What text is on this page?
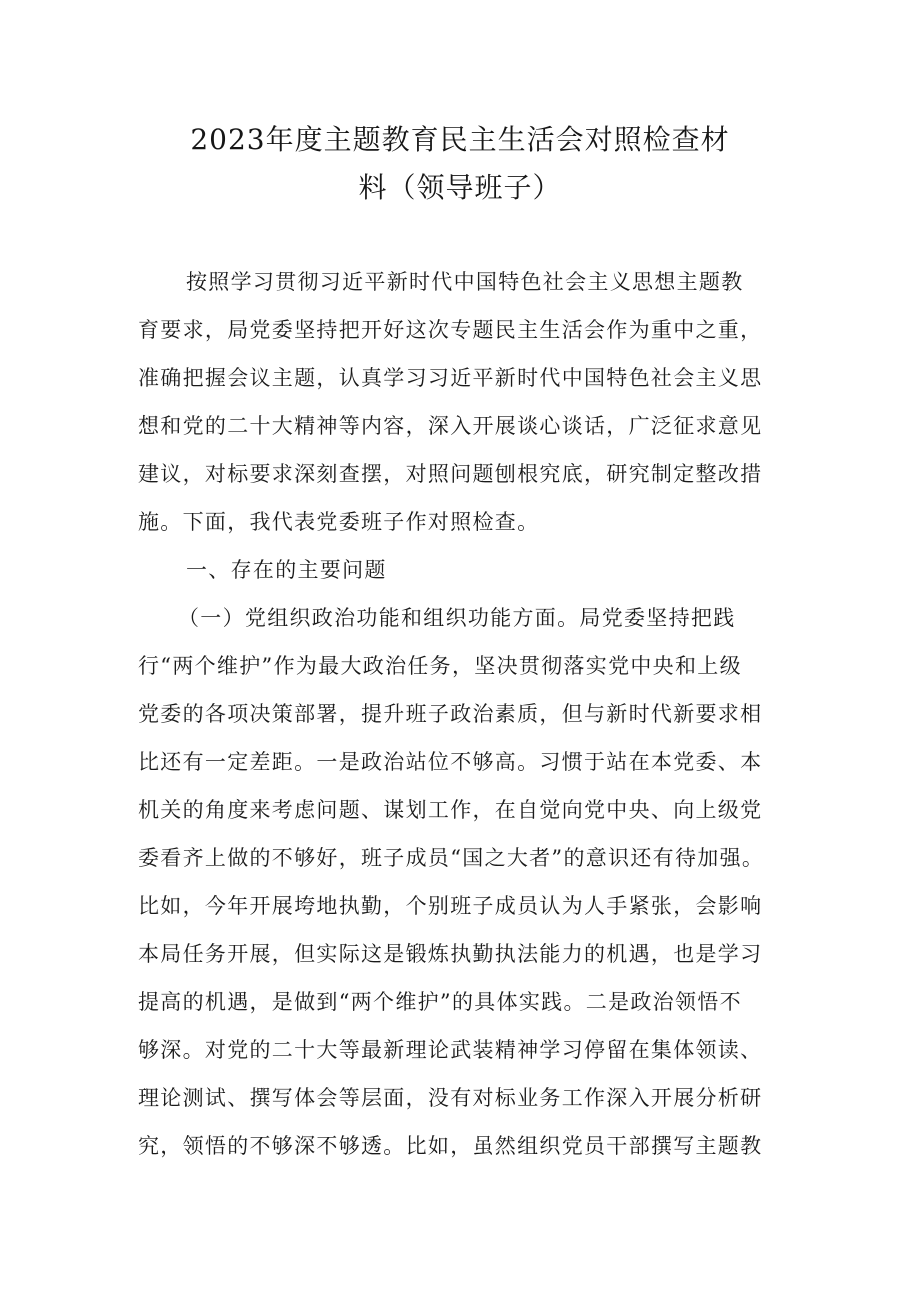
2023年度主题教育民主生活会对照检查材
料（领导班子）
按照学习贯彻习近平新时代中国特色社会主义思想主题教
育要求，局党委坚持把开好这次专题民主生活会作为重中之重，
准确把握会议主题，认真学习习近平新时代中国特色社会主义思
想和党的二十大精神等内容，深入开展谈心谈话，广泛征求意见
建议，对标要求深刻查摆，对照问题刨根究底，研究制定整改措
施。下面，我代表党委班子作对照检查。
一、存在的主要问题
（一）党组织政治功能和组织功能方面。局党委坚持把践
行“两个维护”作为最大政治任务，坚决贯彻落实党中央和上级
党委的各项决策部署，提升班子政治素质，但与新时代新要求相
比还有一定差距。一是政治站位不够高。习惯于站在本党委、本
机关的角度来考虑问题、谋划工作，在自觉向党中央、向上级党
委看齐上做的不够好，班子成员“国之大者”的意识还有待加强。
比如，今年开展垮地执勤，个别班子成员认为人手紧张，会影响
本局任务开展，但实际这是锻炼执勤执法能力的机遇，也是学习
提高的机遇，是做到“两个维护”的具体实践。二是政治领悟不
够深。对党的二十大等最新理论武装精神学习停留在集体领读、
理论测试、撰写体会等层面，没有对标业务工作深入开展分析研
究，领悟的不够深不够透。比如，虽然组织党员干部撰写主题教
